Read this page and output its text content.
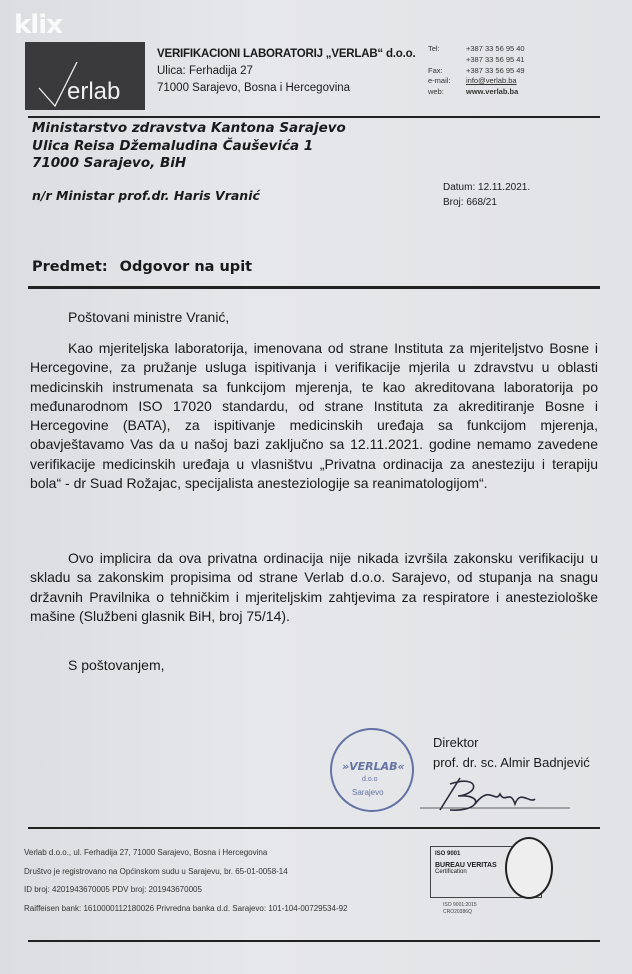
klix
erlab
VERIFIKACIONI LABORATORIJ „VERLAB“ d.o.o.
Ulica: Ferhadija 27
71000 Sarajevo, Bosna i Hercegovina
Tel:	+387 33 56 95 40
+387 33 56 95 41
Fax:	+387 33 56 95 49
e-mail: info@verlab.ba
web:	www.verlab.ba
Ministarstvo zdravstva Kantona Sarajevo
Ulica Reisa Džemaludina Čauševića 1
71000 Sarajevo, BiH
n/r Ministar prof.dr. Haris Vranić
Datum: 12.11.2021.
Broj: 668/21
Predmet: Odgovor na upit
Poštovani ministre Vranić,
Kao mjeriteljska laboratorija, imenovana od strane Instituta za mjeriteljstvo Bosne i Hercegovine, za pružanje usluga ispitivanja i verifikacije mjerila u zdravstvu u oblasti medicinskih instrumenata sa funkcijom mjerenja, te kao akreditovana laboratorija po međunarodnom ISO 17020 standardu, od strane Instituta za akreditiranje Bosne i Hercegovine (BATA), za ispitivanje medicinskih uređaja sa funkcijom mjerenja, obavještavamo Vas da u našoj bazi zaključno sa 12.11.2021. godine nemamo zavedene verifikacije medicinskih uređaja u vlasništvu „Privatna ordinacija za anesteziju i terapiju bola“ - dr Suad Rožajac, specijalista anesteziologije sa reanimatologijom“.
Ovo implicira da ova privatna ordinacija nije nikada izvršila zakonsku verifikaciju u skladu sa zakonskim propisima od strane Verlab d.o.o. Sarajevo, od stupanja na snagu državnih Pravilnika o tehničkim i mjeriteljskim zahtjevima za respiratore i anesteziološke mašine (Službeni glasnik BiH, broj 75/14).
S poštovanjem,
»VERLAB«
d.o.o
Sarajevo
Direktor
prof. dr. sc. Almir Badnjević
Verlab d.o.o., ul. Ferhadija 27, 71000 Sarajevo, Bosna i Hercegovina
Društvo je registrovano na Općinskom sudu u Sarajevu, br. 65-01-0058-14
ID broj: 4201943670005 PDV broj: 201943670005
Raiffeisen bank: 1610000112180026 Privredna banka d.d. Sarajevo: 101-104-00729534-92
ISO 9001
BUREAU VERITAS
Certification
ISO 9001:2015
CRO20386Q
